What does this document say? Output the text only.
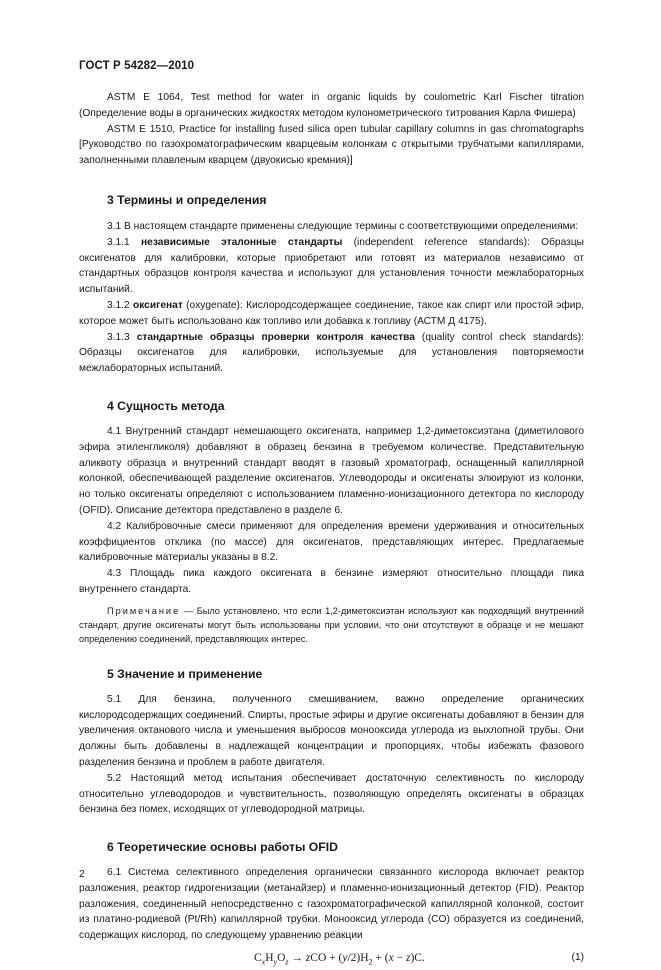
ГОСТ Р 54282—2010

ASTM E 1064, Test method for water in organic liquids by coulometric Karl Fischer titration (Определение воды в органических жидкостях методом кулонометрического титрования Карла Фишера)

ASTM E 1510, Practice for installing fused silica open tubular capillary columns in gas chromatographs [Руководство по газохроматографическим кварцевым колонкам с открытыми трубчатыми капиллярами, заполненными плавленым кварцем (двуокисью кремния)]

3 Термины и определения

3.1 В настоящем стандарте применены следующие термины с соответствующими определениями:

3.1.1 независимые эталонные стандарты (independent reference standards): Образцы оксигенатов для калибровки, которые приобретают или готовят из материалов независимо от стандартных образцов контроля качества и используют для установления точности межлабораторных испытаний.

3.1.2 оксигенат (oxygenate): Кислородсодержащее соединение, такое как спирт или простой эфир, которое может быть использовано как топливо или добавка к топливу (АСТМ Д 4175).

3.1.3 стандартные образцы проверки контроля качества (quality control check standards): Образцы оксигенатов для калибровки, используемые для установления повторяемости межлабораторных испытаний.

4 Сущность метода

4.1 Внутренний стандарт немешающего оксигената, например 1,2-диметоксиэтана (диметилового эфира этиленгликоля) добавляют в образец бензина в требуемом количестве. Представительную аликвоту образца и внутренний стандарт вводят в газовый хроматограф, оснащенный капиллярной колонкой, обеспечивающей разделение оксигенатов. Углеводороды и оксигенаты элюируют из колонки, но только оксигенаты определяют с использованием пламенно-ионизационного детектора по кислороду (OFID). Описание детектора представлено в разделе 6.

4.2 Калибровочные смеси применяют для определения времени удерживания и относительных коэффициентов отклика (по массе) для оксигенатов, представляющих интерес. Предлагаемые калибровочные материалы указаны в 8.2.

4.3 Площадь пика каждого оксигената в бензине измеряют относительно площади пика внутреннего стандарта.

Примечание — Было установлено, что если 1,2-диметоксиэтан используют как подходящий внутренний стандарт, другие оксигенаты могут быть использованы при условии, что они отсутствуют в образце и не мешают определению соединений, представляющих интерес.

5 Значение и применение

5.1 Для бензина, полученного смешиванием, важно определение органических кислородсодержащих соединений. Спирты, простые эфиры и другие оксигенаты добавляют в бензин для увеличения октанового числа и уменьшения выбросов монооксида углерода из выхлопной трубы. Они должны быть добавлены в надлежащей концентрации и пропорциях, чтобы избежать фазового разделения бензина и проблем в работе двигателя.

5.2 Настоящий метод испытания обеспечивает достаточную селективность по кислороду относительно углеводородов и чувствительность, позволяющую определять оксигенаты в образцах бензина без помех, исходящих от углеводородной матрицы.

6 Теоретические основы работы OFID

6.1 Система селективного определения органически связанного кислорода включает реактор разложения, реактор гидрогенизации (метанайзер) и пламенно-ионизационный детектор (FID). Реактор разложения, соединенный непосредственно с газохроматографической капиллярной колонкой, состоит из платино-родиевой (Pt/Rh) капиллярной трубки. Монооксид углерода (CO) образуется из соединений, содержащих кислород, по следующему уравнению реакции

$C_xH_yO_z$ → zCO + $(y/2)H_2 + (x - z)C$.	(1)
2
